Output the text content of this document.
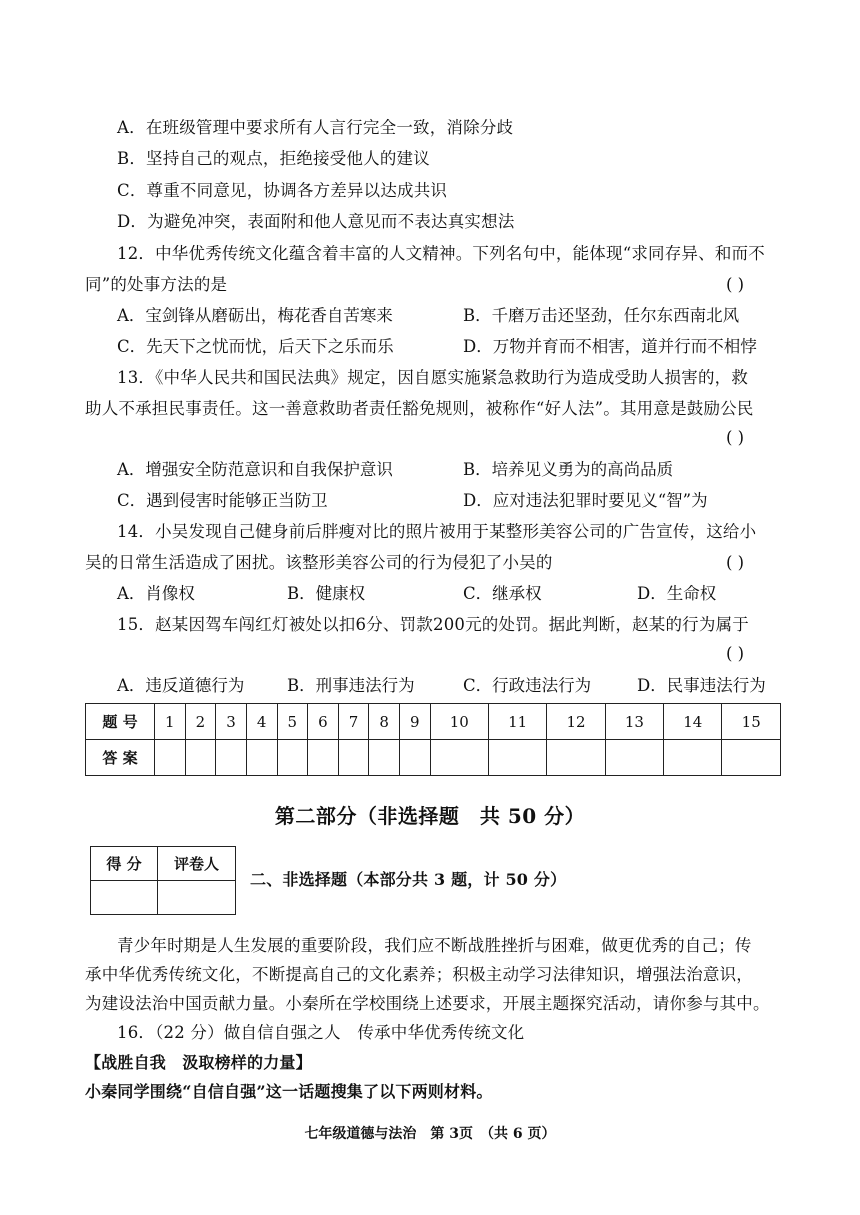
A．在班级管理中要求所有人言行完全一致，消除分歧
B．坚持自己的观点，拒绝接受他人的建议
C．尊重不同意见，协调各方差异以达成共识
D．为避免冲突，表面附和他人意见而不表达真实想法
12．中华优秀传统文化蕴含着丰富的人文精神。下列名句中，能体现“求同存异、和而不
同”的处事方法的是	( )
A．宝剑锋从磨砺出，梅花香自苦寒来	B．千磨万击还坚劲，任尔东西南北风
C．先天下之忧而忧，后天下之乐而乐	D．万物并育而不相害，道并行而不相悖
13．《中华人民共和国民法典》规定，因自愿实施紧急救助行为造成受助人损害的，救
助人不承担民事责任。这一善意救助者责任豁免规则，被称作“好人法”。其用意是鼓励公民
( )
A．增强安全防范意识和自我保护意识	B．培养见义勇为的高尚品质
C．遇到侵害时能够正当防卫	D．应对违法犯罪时要见义“智”为
14．小吴发现自己健身前后胖瘦对比的照片被用于某整形美容公司的广告宣传，这给小
吴的日常生活造成了困扰。该整形美容公司的行为侵犯了小吴的	( )
A．肖像权	B．健康权	C．继承权	D．生命权
15．赵某因驾车闯红灯被处以扣6分、罚款200元的处罚。据此判断，赵某的行为属于
( )
A．违反道德行为	B．刑事违法行为	C．行政违法行为	D．民事违法行为
题 号	1	2	3	4	5	6	7	8	9	10	11	12	13	14	15
答 案															
第二部分（非选择题　共 50 分）
得 分	评卷人

二、非选择题（本部分共 3 题，计 50 分）
青少年时期是人生发展的重要阶段，我们应不断战胜挫折与困难，做更优秀的自己；传
承中华优秀传统文化，不断提高自己的文化素养；积极主动学习法律知识，增强法治意识，
为建设法治中国贡献力量。小秦所在学校围绕上述要求，开展主题探究活动，请你参与其中。
16．（22 分）做自信自强之人　传承中华优秀传统文化
【战胜自我　汲取榜样的力量】
小秦同学围绕“自信自强”这一话题搜集了以下两则材料。
七年级道德与法治　第 3页　（共 6 页）
